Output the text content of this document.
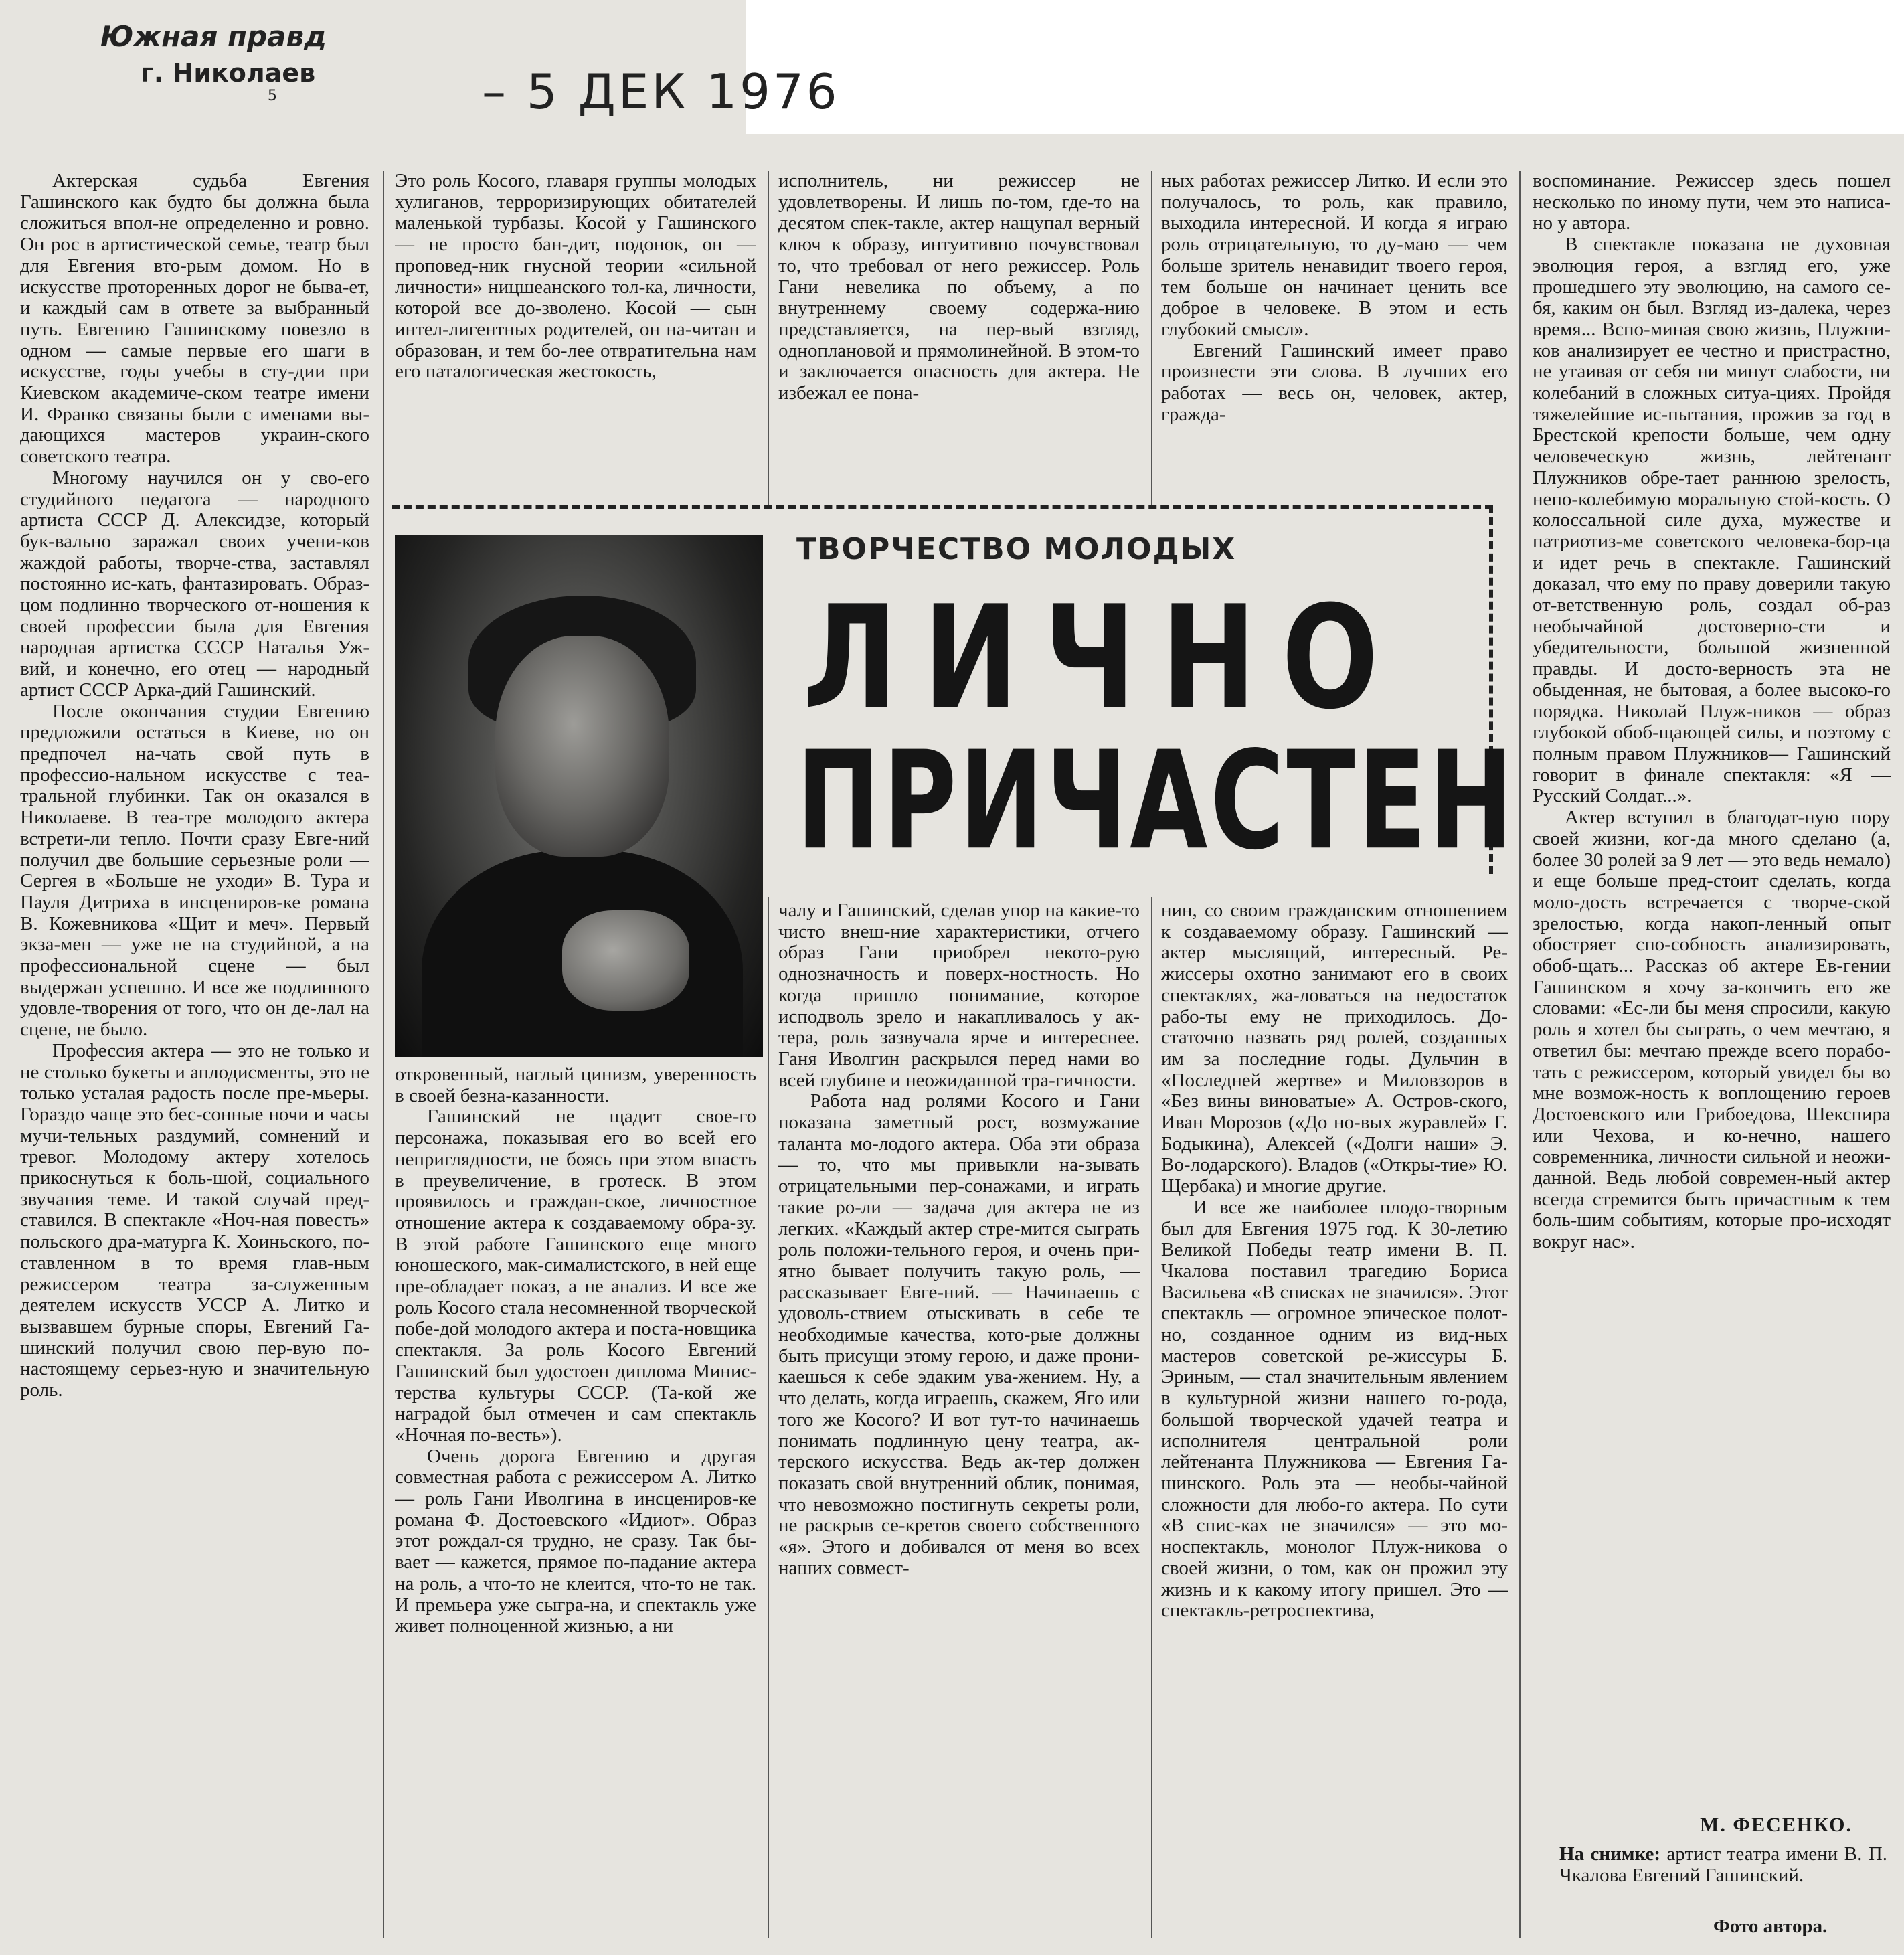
Южная правд
г. Николаев
5	– 5 ДЕК 1976

Актерская судьба Евгения Гашинского как будто бы должна была сложиться впол-не определенно и ровно. Он рос в артистической семье, театр был для Евгения вто-рым домом. Но в искусстве проторенных дорог не быва-ет, и каждый сам в ответе за выбранный путь. Евгению Гашинскому повезло в одном — самые первые его шаги в искусстве, годы учебы в сту-дии при Киевском академиче-ском театре имени И. Франко связаны были с именами вы-дающихся мастеров украин-ского советского театра.

Многому научился он у сво-его студийного педагога — народного артиста СССР Д. Алексидзе, который бук-вально заражал своих учени-ков жаждой работы, творче-ства, заставлял постоянно ис-кать, фантазировать. Образ-цом подлинно творческого от-ношения к своей профессии была для Евгения народная артистка СССР Наталья Уж-вий, и конечно, его отец — народный артист СССР Арка-дий Гашинский.

После окончания студии Евгению предложили остаться в Киеве, но он предпочел на-чать свой путь в профессио-нальном искусстве с теа-тральной глубинки. Так он оказался в Николаеве. В теа-тре молодого актера встрети-ли тепло. Почти сразу Евге-ний получил две большие серьезные роли — Сергея в «Больше не уходи» В. Тура и Пауля Дитриха в инсцениров-ке романа В. Кожевникова «Щит и меч». Первый экза-мен — уже не на студийной, а на профессиональной сцене — был выдержан успешно. И все же подлинного удовле-творения от того, что он де-лал на сцене, не было.

Профессия актера — это не только и не столько букеты и аплодисменты, это не только усталая радость после пре-мьеры. Гораздо чаще это бес-сонные ночи и часы мучи-тельных раздумий, сомнений и тревог. Молодому актеру хотелось прикоснуться к боль-шой, социального звучания теме. И такой случай пред-ставился. В спектакле «Ноч-ная повесть» польского дра-матурга К. Хоиньского, по-ставленном в то время глав-ным режиссером театра за-служенным деятелем искусств УССР А. Литко и вызвавшем бурные споры, Евгений Га-шинский получил свою пер-вую по-настоящему серьез-ную и значительную роль.

Это роль Косого, главаря группы молодых хулиганов, терроризирующих обитателей маленькой турбазы. Косой у Гашинского — не просто бан-дит, подонок, он — проповед-ник гнусной теории «сильной личности» ницшеанского тол-ка, личности, которой все до-зволено. Косой — сын интел-лигентных родителей, он на-читан и образован, и тем бо-лее отвратительна нам его паталогическая жестокость,

исполнитель, ни режиссер не удовлетворены. И лишь по-том, где-то на десятом спек-такле, актер нащупал верный ключ к образу, интуитивно почувствовал то, что требовал от него режиссер. Роль Гани невелика по объему, а по внутреннему своему содержа-нию представляется, на пер-вый взгляд, одноплановой и прямолинейной. В этом-то и заключается опасность для актера. Не избежал ее пона-

ных работах режиссер Литко. И если это получалось, то роль, как правило, выходила интересной. И когда я играю роль отрицательную, то ду-маю — чем больше зритель ненавидит твоего героя, тем больше он начинает ценить все доброе в человеке. В этом и есть глубокий смысл».

Евгений Гашинский имеет право произнести эти слова. В лучших его работах — весь он, человек, актер, гражда-

ТВОРЧЕСТВО МОЛОДЫХ
ЛИЧНО
ПРИЧАСТЕН

воспоминание. Режиссер здесь пошел несколько по иному пути, чем это написа-но у автора.

В спектакле показана не духовная эволюция героя, а взгляд его, уже прошедшего эту эволюцию, на самого се-бя, каким он был. Взгляд из-далека, через время... Вспо-миная свою жизнь, Плужни-ков анализирует ее честно и пристрастно, не утаивая от себя ни минут слабости, ни колебаний в сложных ситуа-циях. Пройдя тяжелейшие ис-пытания, прожив за год в Брестской крепости больше, чем одну человеческую жизнь, лейтенант Плужников обре-тает раннюю зрелость, непо-колебимую моральную стой-кость. О колоссальной силе духа, мужестве и патриотиз-ме советского человека-бор-ца и идет речь в спектакле. Гашинский доказал, что ему по праву доверили такую от-ветственную роль, создал об-раз необычайной достоверно-сти и убедительности, большой жизненной правды. И досто-верность эта не обыденная, не бытовая, а более высоко-го порядка. Николай Плуж-ников — образ глубокой обоб-щающей силы, и поэтому с полным правом Плужников— Гашинский говорит в финале спектакля: «Я — Русский Солдат...».

Актер вступил в благодат-ную пору своей жизни, ког-да много сделано (а, более 30 ролей за 9 лет — это ведь немало) и еще больше пред-стоит сделать, когда моло-дость встречается с творче-ской зрелостью, когда накоп-ленный опыт обостряет спо-собность анализировать, обоб-щать... Рассказ об актере Ев-гении Гашинском я хочу за-кончить его же словами: «Ес-ли бы меня спросили, какую роль я хотел бы сыграть, о чем мечтаю, я ответил бы: мечтаю прежде всего порабо-тать с режиссером, который увидел бы во мне возмож-ность к воплощению героев Достоевского или Грибоедова, Шекспира или Чехова, и ко-нечно, нашего современника, личности сильной и неожи-данной. Ведь любой современ-ный актер всегда стремится быть причастным к тем боль-шим событиям, которые про-исходят вокруг нас».

откровенный, наглый цинизм, уверенность в своей безна-казанности.

Гашинский не щадит свое-го персонажа, показывая его во всей его неприглядности, не боясь при этом впасть в преувеличение, в гротеск. В этом проявилось и граждан-ское, личностное отношение актера к создаваемому обра-зу. В этой работе Гашинского еще много юношеского, мак-сималистского, в ней еще пре-обладает показ, а не анализ. И все же роль Косого стала несомненной творческой побе-дой молодого актера и поста-новщика спектакля. За роль Косого Евгений Гашинский был удостоен диплома Минис-терства культуры СССР. (Та-кой же наградой был отмечен и сам спектакль «Ночная по-весть»).

Очень дорога Евгению и другая совместная работа с режиссером А. Литко — роль Гани Иволгина в инсцениров-ке романа Ф. Достоевского «Идиот». Образ этот рождал-ся трудно, не сразу. Так бы-вает — кажется, прямое по-падание актера на роль, а что-то не клеится, что-то не так. И премьера уже сыгра-на, и спектакль уже живет полноценной жизнью, а ни

чалу и Гашинский, сделав упор на какие-то чисто внеш-ние характеристики, отчего образ Гани приобрел некото-рую однозначность и поверх-ностность. Но когда пришло понимание, которое исподволь зрело и накапливалось у ак-тера, роль зазвучала ярче и интереснее. Ганя Иволгин раскрылся перед нами во всей глубине и неожиданной тра-гичности.

Работа над ролями Косого и Гани показана заметный рост, возмужание таланта мо-лодого актера. Оба эти образа — то, что мы привыкли на-зывать отрицательными пер-сонажами, и играть такие ро-ли — задача для актера не из легких. «Каждый актер стре-мится сыграть роль положи-тельного героя, и очень при-ятно бывает получить такую роль, — рассказывает Евге-ний. — Начинаешь с удоволь-ствием отыскивать в себе те необходимые качества, кото-рые должны быть присущи этому герою, и даже прони-каешься к себе эдаким ува-жением. Ну, а что делать, когда играешь, скажем, Яго или того же Косого? И вот тут-то начинаешь понимать подлинную цену театра, ак-терского искусства. Ведь ак-тер должен показать свой внутренний облик, понимая, что невозможно постигнуть секреты роли, не раскрыв се-кретов своего собственного «я». Этого и добивался от меня во всех наших совмест-

нин, со своим гражданским отношением к создаваемому образу. Гашинский — актер мыслящий, интересный. Ре-жиссеры охотно занимают его в своих спектаклях, жа-ловаться на недостаток рабо-ты ему не приходилось. До-статочно назвать ряд ролей, созданных им за последние годы. Дульчин в «Последней жертве» и Миловзоров в «Без вины виноватые» А. Остров-ского, Иван Морозов («До но-вых журавлей» Г. Бодыкина), Алексей («Долги наши» Э. Во-лодарского). Владов («Откры-тие» Ю. Щербака) и многие другие.

И все же наиболее плодо-творным был для Евгения 1975 год. К 30-летию Великой Победы театр имени В. П. Чкалова поставил трагедию Бориса Васильева «В списках не значился». Этот спектакль — огромное эпическое полот-но, созданное одним из вид-ных мастеров советской ре-жиссуры Б. Эриным, — стал значительным явлением в культурной жизни нашего го-рода, большой творческой удачей театра и исполнителя центральной роли лейтенанта Плужникова — Евгения Га-шинского. Роль эта — необы-чайной сложности для любо-го актера. По сути «В спис-ках не значился» — это мо-носпектакль, монолог Плуж-никова о своей жизни, о том, как он прожил эту жизнь и к какому итогу пришел. Это — спектакль-ретроспектива,

М. ФЕСЕНКО.
На снимке: артист театра имени В. П. Чкалова Евгений Гашинский.
Фото автора.
